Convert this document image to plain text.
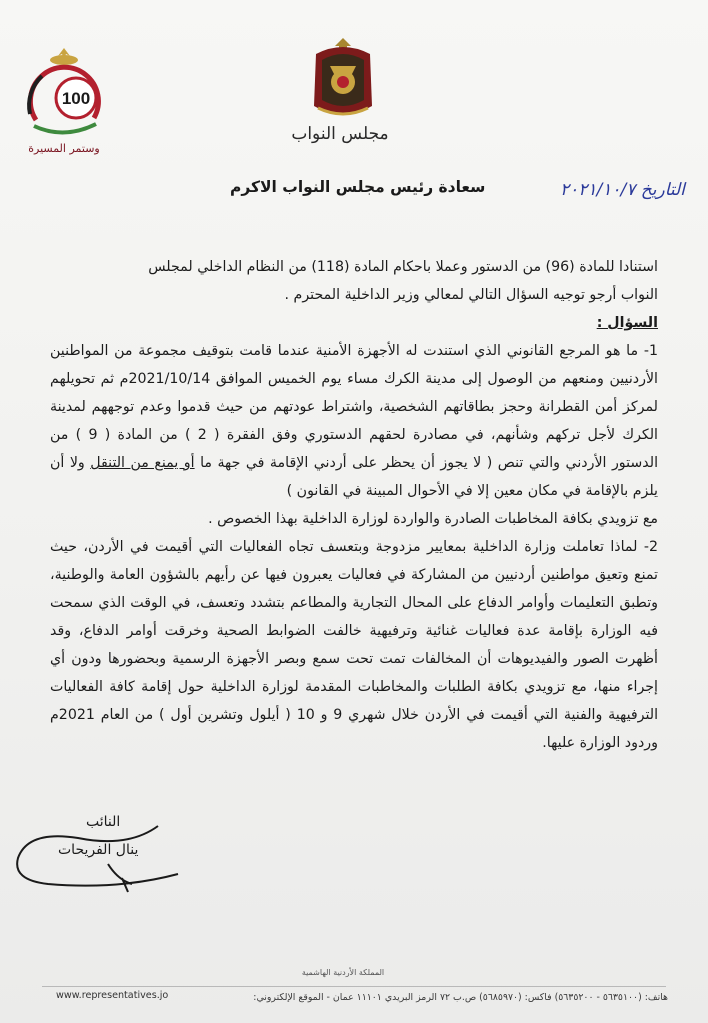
100
وستمر المسيرة
مجلس النواب
التاريخ ٢٠٢١/١٠/٧
سعادة رئيس مجلس النواب الاكرم

استنادا للمادة (96) من الدستور وعملا باحكام المادة (118) من النظام الداخلي لمجلس

النواب أرجو توجيه السؤال التالي لمعالي وزير الداخلية المحترم .

السؤال :

1- ما هو المرجع القانوني الذي استندت له الأجهزة الأمنية عندما قامت بتوقيف مجموعة من المواطنين الأردنيين ومنعهم من الوصول إلى مدينة الكرك مساء يوم الخميس الموافق 2021/10/14م ثم تحويلهم لمركز أمن القطرانة وحجز بطاقاتهم الشخصية، واشتراط عودتهم من حيث قدموا وعدم توجههم لمدينة الكرك لأجل تركهم وشأنهم، في مصادرة لحقهم الدستوري وفق الفقرة ( 2 ) من المادة ( 9 ) من الدستور الأردني والتي تنص ( لا يجوز أن يحظر على أردني الإقامة في جهة ما أو يمنع من التنقل ولا أن يلزم بالإقامة في مكان معين إلا في الأحوال المبينة في القانون )

مع تزويدي بكافة المخاطبات الصادرة والواردة لوزارة الداخلية بهذا الخصوص .

2- لماذا تعاملت وزارة الداخلية بمعايير مزدوجة وبتعسف تجاه الفعاليات التي أقيمت في الأردن، حيث تمنع وتعيق مواطنين أردنيين من المشاركة في فعاليات يعبرون فيها عن رأيهم بالشؤون العامة والوطنية، وتطبق التعليمات وأوامر الدفاع على المحال التجارية والمطاعم بتشدد وتعسف، في الوقت الذي سمحت فيه الوزارة بإقامة عدة فعاليات غنائية وترفيهية خالفت الضوابط الصحية وخرقت أوامر الدفاع، وقد أظهرت الصور والفيديوهات أن المخالفات تمت تحت سمع وبصر الأجهزة الرسمية وبحضورها ودون أي إجراء منها، مع تزويدي بكافة الطلبات والمخاطبات المقدمة لوزارة الداخلية حول إقامة كافة الفعاليات الترفيهية والفنية التي أقيمت في الأردن خلال شهري 9 و 10 ( أيلول وتشرين أول ) من العام 2021م وردود الوزارة عليها.

النائب
ينال الفريحات
المملكة الأردنية الهاشمية
هاتف: (٥٦٣٥١٠٠ - ٥٦٣٥٢٠٠) فاكس: (٥٦٨٥٩٧٠) ص.ب ٧٢ الرمز البريدي ١١١٠١ عمان - الموقع الإلكتروني:
www.representatives.jo
